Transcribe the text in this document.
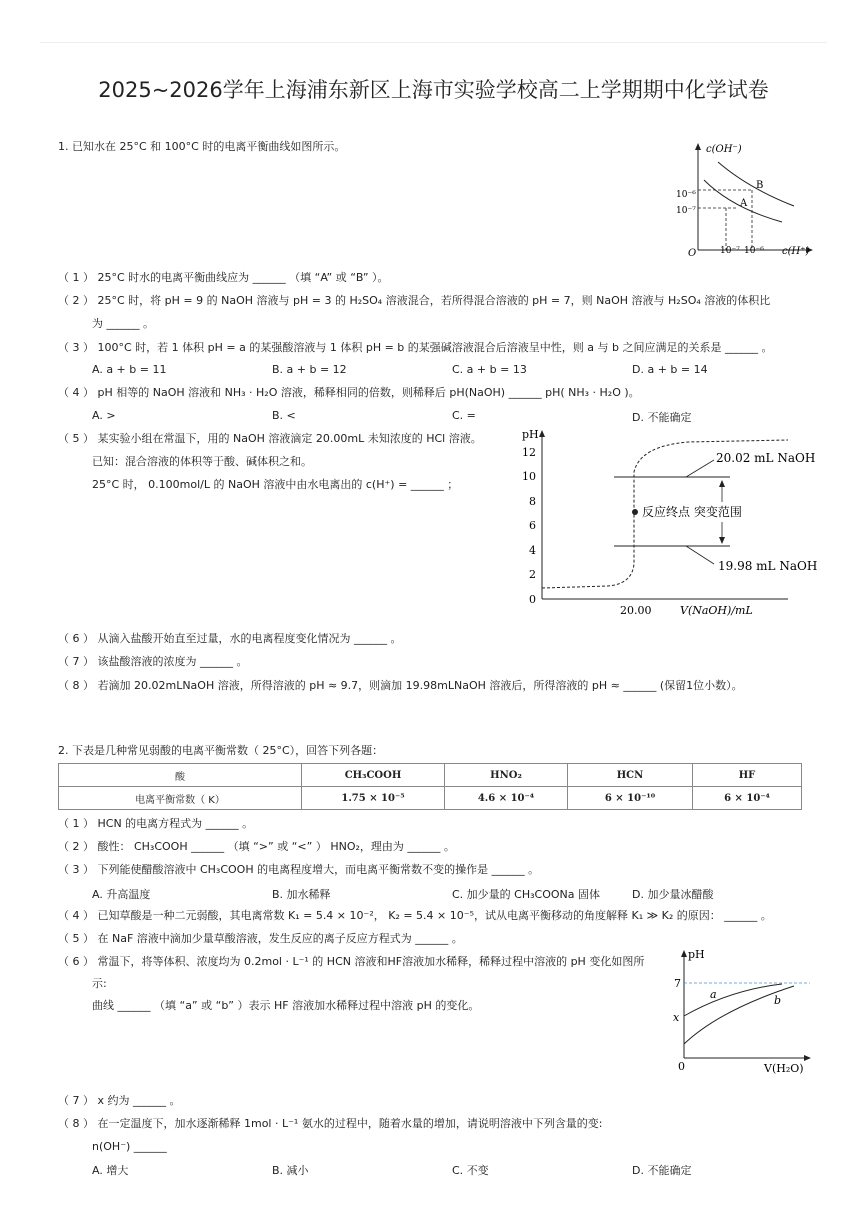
2025~2026学年上海浦东新区上海市实验学校高二上学期期中化学试卷
1. 已知水在 25°C 和 100°C 时的电离平衡曲线如图所示。	c(OH⁻)
c(H⁺)
O
10⁻⁶
10⁻⁷
10⁻⁷ 10⁻⁶
B
A
（ 1 ） 25°C 时水的电离平衡曲线应为 ______ （填 “A” 或 “B” ）。
（ 2 ） 25°C 时，将 pH = 9 的 NaOH 溶液与 pH = 3 的 H₂SO₄ 溶液混合，若所得混合溶液的 pH = 7，则 NaOH 溶液与 H₂SO₄ 溶液的体积比
为 ______ 。
（ 3 ） 100°C 时，若 1 体积 pH = a 的某强酸溶液与 1 体积 pH = b 的某强碱溶液混合后溶液呈中性，则 a 与 b 之间应满足的关系是 ______ 。
A. a + b = 11	B. a + b = 12	C. a + b = 13	D. a + b = 14
（ 4 ） pH 相等的 NaOH 溶液和 NH₃ · H₂O 溶液，稀释相同的倍数，则稀释后 pH(NaOH) ______ pH( NH₃ · H₂O )。
A. >	B. <	C. =	D. 不能确定
（ 5 ） 某实验小组在常温下，用的 NaOH 溶液滴定 20.00mL 未知浓度的 HCl 溶液。
已知：混合溶液的体积等于酸、碱体积之和。
25°C 时， 0.100mol/L 的 NaOH 溶液中由水电离出的 c(H⁺) = ______ ；
pH
12
10
8
6
4
2
0
20.00	V(NaOH)/mL
20.02 mL NaOH
19.98 mL NaOH
反应终点 突变范围
（ 6 ） 从滴入盐酸开始直至过量，水的电离程度变化情况为 ______ 。
（ 7 ） 该盐酸溶液的浓度为 ______ 。
（ 8 ） 若滴加 20.02mLNaOH 溶液，所得溶液的 pH ≈ 9.7，则滴加 19.98mLNaOH 溶液后，所得溶液的 pH ≈ ______ (保留1位小数）。
2. 下表是几种常见弱酸的电离平衡常数（ 25°C），回答下列各题：
酸	CH₃COOH	HNO₂	HCN	HF
电离平衡常数（ K）	1.75 × 10⁻⁵	4.6 × 10⁻⁴	6 × 10⁻¹⁰	6 × 10⁻⁴
（ 1 ） HCN 的电离方程式为 ______ 。
（ 2 ） 酸性： CH₃COOH ______ （填 “>” 或 “<” ） HNO₂，理由为 ______ 。
（ 3 ） 下列能使醋酸溶液中 CH₃COOH 的电离程度增大，而电离平衡常数不变的操作是 ______ 。
A. 升高温度	B. 加水稀释	C. 加少量的 CH₃COONa 固体	D. 加少量冰醋酸
（ 4 ） 已知草酸是一种二元弱酸，其电离常数 K₁ = 5.4 × 10⁻²， K₂ = 5.4 × 10⁻⁵，试从电离平衡移动的角度解释 K₁ ≫ K₂ 的原因： ______ 。
（ 5 ） 在 NaF 溶液中滴加少量草酸溶液，发生反应的离子反应方程式为 ______ 。
（ 6 ） 常温下，将等体积、浓度均为 0.2mol · L⁻¹ 的 HCN 溶液和HF溶液加水稀释，稀释过程中溶液的 pH 变化如图所
示:
曲线 ______ （填 “a” 或 “b” ）表示 HF 溶液加水稀释过程中溶液 pH 的变化。
pH
7
x
0	V(H₂O)
a	b
（ 7 ） x 约为 ______ 。
（ 8 ） 在一定温度下，加水逐渐稀释 1mol · L⁻¹ 氨水的过程中，随着水量的增加，请说明溶液中下列含量的变:
n(OH⁻) ______
A. 增大	B. 减小	C. 不变	D. 不能确定
